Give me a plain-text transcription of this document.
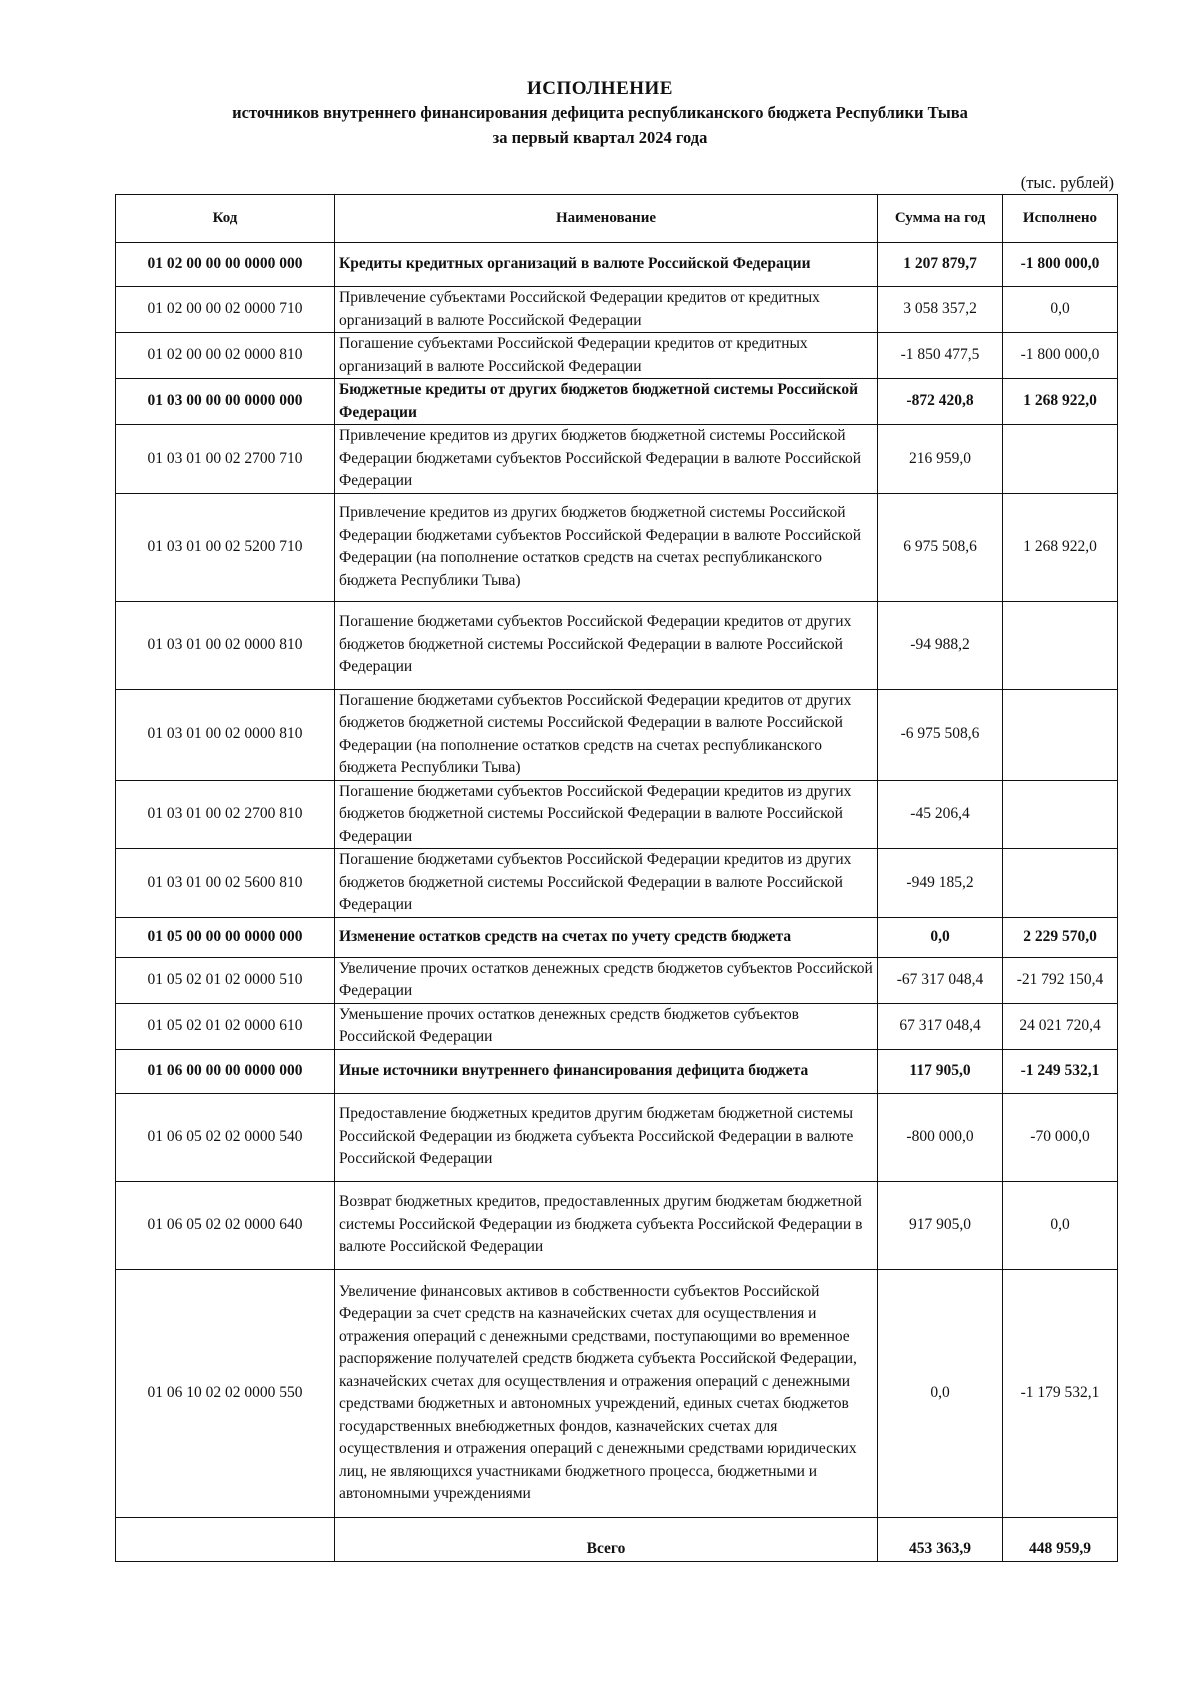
ИСПОЛНЕНИЕ
источников внутреннего финансирования дефицита республиканского бюджета Республики Тыва
за первый квартал 2024 года
(тыс. рублей)
Код	Наименование	Сумма на год	Исполнено
01 02 00 00 00 0000 000	Кредиты кредитных организаций в валюте Российской Федерации	1 207 879,7	-1 800 000,0
01 02 00 00 02 0000 710	Привлечение субъектами Российской Федерации кредитов от кредитных организаций в валюте Российской Федерации	3 058 357,2	0,0
01 02 00 00 02 0000 810	Погашение субъектами Российской Федерации кредитов от кредитных организаций в валюте Российской Федерации	-1 850 477,5	-1 800 000,0
01 03 00 00 00 0000 000	Бюджетные кредиты от других бюджетов бюджетной системы Российской Федерации	-872 420,8	1 268 922,0
01 03 01 00 02 2700 710	Привлечение кредитов из других бюджетов бюджетной системы Российской Федерации бюджетами субъектов Российской Федерации в валюте Российской Федерации	216 959,0	
01 03 01 00 02 5200 710	Привлечение кредитов из других бюджетов бюджетной системы Российской Федерации бюджетами субъектов Российской Федерации в валюте Российской Федерации (на пополнение остатков средств на счетах республиканского бюджета Республики Тыва)	6 975 508,6	1 268 922,0
01 03 01 00 02 0000 810	Погашение бюджетами субъектов Российской Федерации кредитов от других бюджетов бюджетной системы Российской Федерации в валюте Российской Федерации	-94 988,2	
01 03 01 00 02 0000 810	Погашение бюджетами субъектов Российской Федерации кредитов от других бюджетов бюджетной системы Российской Федерации в валюте Российской Федерации (на пополнение остатков средств на счетах республиканского бюджета Республики Тыва)	-6 975 508,6	
01 03 01 00 02 2700 810	Погашение бюджетами субъектов Российской Федерации кредитов из других бюджетов бюджетной системы Российской Федерации в валюте Российской Федерации	-45 206,4	
01 03 01 00 02 5600 810	Погашение бюджетами субъектов Российской Федерации кредитов из других бюджетов бюджетной системы Российской Федерации в валюте Российской Федерации	-949 185,2	
01 05 00 00 00 0000 000	Изменение остатков средств на счетах по учету средств бюджета	0,0	2 229 570,0
01 05 02 01 02 0000 510	Увеличение прочих остатков денежных средств бюджетов субъектов Российской Федерации	-67 317 048,4	-21 792 150,4
01 05 02 01 02 0000 610	Уменьшение прочих остатков денежных средств бюджетов субъектов Российской Федерации	67 317 048,4	24 021 720,4
01 06 00 00 00 0000 000	Иные источники внутреннего финансирования дефицита бюджета	117 905,0	-1 249 532,1
01 06 05 02 02 0000 540	Предоставление бюджетных кредитов другим бюджетам бюджетной системы Российской Федерации из бюджета субъекта Российской Федерации в валюте Российской Федерации	-800 000,0	-70 000,0
01 06 05 02 02 0000 640	Возврат бюджетных кредитов, предоставленных другим бюджетам бюджетной системы Российской Федерации из бюджета субъекта Российской Федерации в валюте Российской Федерации	917 905,0	0,0
01 06 10 02 02 0000 550	Увеличение финансовых активов в собственности субъектов Российской Федерации за счет средств на казначейских счетах для осуществления и отражения операций с денежными средствами, поступающими во временное распоряжение получателей средств бюджета субъекта Российской Федерации, казначейских счетах для осуществления и отражения операций с денежными средствами бюджетных и автономных учреждений, единых счетах бюджетов государственных внебюджетных фондов, казначейских счетах для осуществления и отражения операций с денежными средствами юридических лиц, не являющихся участниками бюджетного процесса, бюджетными и автономными учреждениями	0,0	-1 179 532,1
	Всего	453 363,9	448 959,9
